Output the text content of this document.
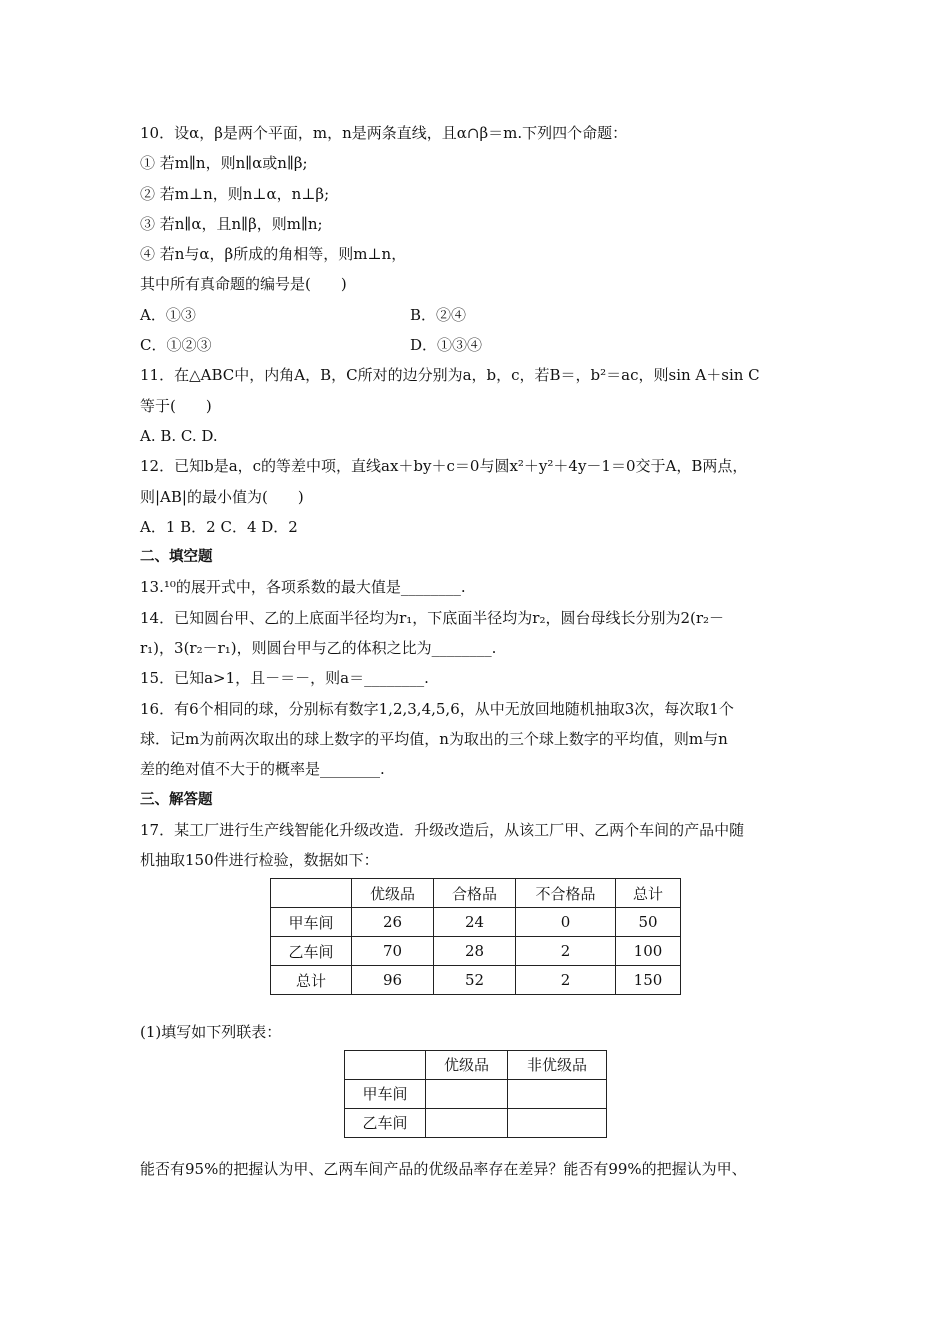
10．设α，β是两个平面，m，n是两条直线，且α∩β＝m.下列四个命题：
① 若m∥n，则n∥α或n∥β;
② 若m⊥n，则n⊥α，n⊥β;
③ 若n∥α，且n∥β，则m∥n;
④ 若n与α，β所成的角相等，则m⊥n，
其中所有真命题的编号是(　　)
A．①③	B．②④
C．①②③	D．①③④
11．在△ABC中，内角A，B，C所对的边分别为a，b，c，若B＝，b²＝ac，则sin A＋sin C
等于(　　)
A. B. C. D.
12．已知b是a，c的等差中项，直线ax＋by＋c＝0与圆x²＋y²＋4y－1＝0交于A，B两点，
则|AB|的最小值为(　　)
A．1 B．2 C．4 D．2
二、填空题
13.¹⁰的展开式中，各项系数的最大值是________.
14．已知圆台甲、乙的上底面半径均为r₁，下底面半径均为r₂，圆台母线长分别为2(r₂－
r₁)，3(r₂－r₁)，则圆台甲与乙的体积之比为________.
15．已知a>1，且－＝－，则a＝________.
16．有6个相同的球，分别标有数字1,2,3,4,5,6，从中无放回地随机抽取3次，每次取1个
球．记m为前两次取出的球上数字的平均值，n为取出的三个球上数字的平均值，则m与n
差的绝对值不大于的概率是________.
三、解答题
17．某工厂进行生产线智能化升级改造．升级改造后，从该工厂甲、乙两个车间的产品中随
机抽取150件进行检验，数据如下：
	优级品	合格品	不合格品	总计
甲车间	26	24	0	50
乙车间	70	28	2	100
总计	96	52	2	150
(1)填写如下列联表：
	优级品	非优级品
甲车间		
乙车间		
能否有95%的把握认为甲、乙两车间产品的优级品率存在差异？能否有99%的把握认为甲、
